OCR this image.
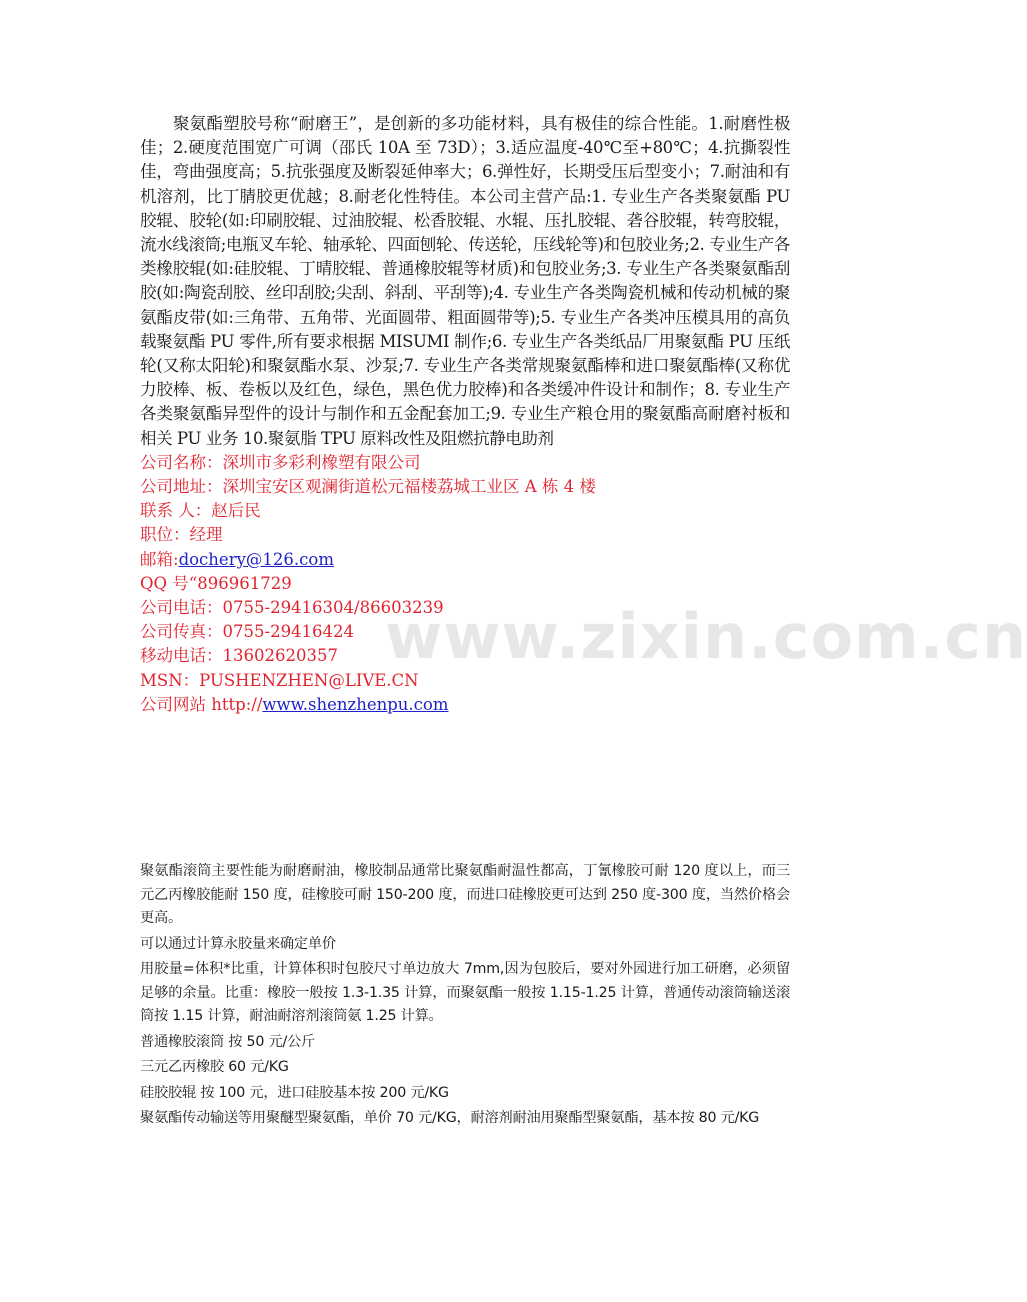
www.zixin.com.cn

聚氨酯塑胶号称“耐磨王”，是创新的多功能材料，具有极佳的综合性能。1.耐磨性极佳；2.硬度范围宽广可调（邵氏 10A 至 73D）；3.适应温度-40℃至+80℃；4.抗撕裂性佳，弯曲强度高；5.抗张强度及断裂延伸率大；6.弹性好，长期受压后型变小；7.耐油和有机溶剂，比丁腈胶更优越；8.耐老化性特佳。本公司主营产品:1. 专业生产各类聚氨酯 PU 胶辊、胶轮(如:印刷胶辊、过油胶辊、松香胶辊、水辊、压扎胶辊、砻谷胶辊，转弯胶辊，流水线滚筒;电瓶叉车轮、轴承轮、四面刨轮、传送轮，压线轮等)和包胶业务;2. 专业生产各类橡胶辊(如:硅胶辊、丁晴胶辊、普通橡胶辊等材质)和包胶业务;3. 专业生产各类聚氨酯刮胶(如:陶瓷刮胶、丝印刮胶;尖刮、斜刮、平刮等);4. 专业生产各类陶瓷机械和传动机械的聚氨酯皮带(如:三角带、五角带、光面圆带、粗面圆带等);5. 专业生产各类冲压模具用的高负载聚氨酯 PU 零件,所有要求根据 MISUMI 制作;6. 专业生产各类纸品厂用聚氨酯 PU 压纸轮(又称太阳轮)和聚氨酯水泵、沙泵;7. 专业生产各类常规聚氨酯棒和进口聚氨酯棒(又称优力胶棒、板、卷板以及红色，绿色，黑色优力胶棒)和各类缓冲件设计和制作；8. 专业生产各类聚氨酯异型件的设计与制作和五金配套加工;9. 专业生产粮仓用的聚氨酯高耐磨衬板和相关 PU 业务 10.聚氨脂 TPU 原料改性及阻燃抗静电助剂

公司名称：深圳市多彩利橡塑有限公司
公司地址：深圳宝安区观澜街道松元福楼荔城工业区 A 栋 4 楼
联系 人：赵后民
职位：经理
邮箱:dochery@126.com
QQ 号“896961729
公司电话：0755-29416304/86603239
公司传真：0755-29416424
移动电话：13602620357
MSN：PUSHENZHEN@LIVE.CN
公司网站 http://www.shenzhenpu.com

聚氨酯滚筒主要性能为耐磨耐油，橡胶制品通常比聚氨酯耐温性都高，丁氰橡胶可耐 120 度以上，而三元乙丙橡胶能耐 150 度，硅橡胶可耐 150-200 度，而进口硅橡胶更可达到 250 度-300 度，当然价格会更高。

可以通过计算永胶量来确定单价

用胶量=体积*比重，计算体积时包胶尺寸单边放大 7mm,因为包胶后，要对外园进行加工研磨，必须留足够的余量。比重：橡胶一般按 1.3-1.35 计算，而聚氨酯一般按 1.15-1.25 计算，普通传动滚筒输送滚筒按 1.15 计算，耐油耐溶剂滚筒氨 1.25 计算。

普通橡胶滚筒 按 50 元/公斤

三元乙丙橡胶 60 元/KG

硅胶胶辊 按 100 元，进口硅胶基本按 200 元/KG

聚氨酯传动输送等用聚醚型聚氨酯，单价 70 元/KG，耐溶剂耐油用聚酯型聚氨酯，基本按 80 元/KG
